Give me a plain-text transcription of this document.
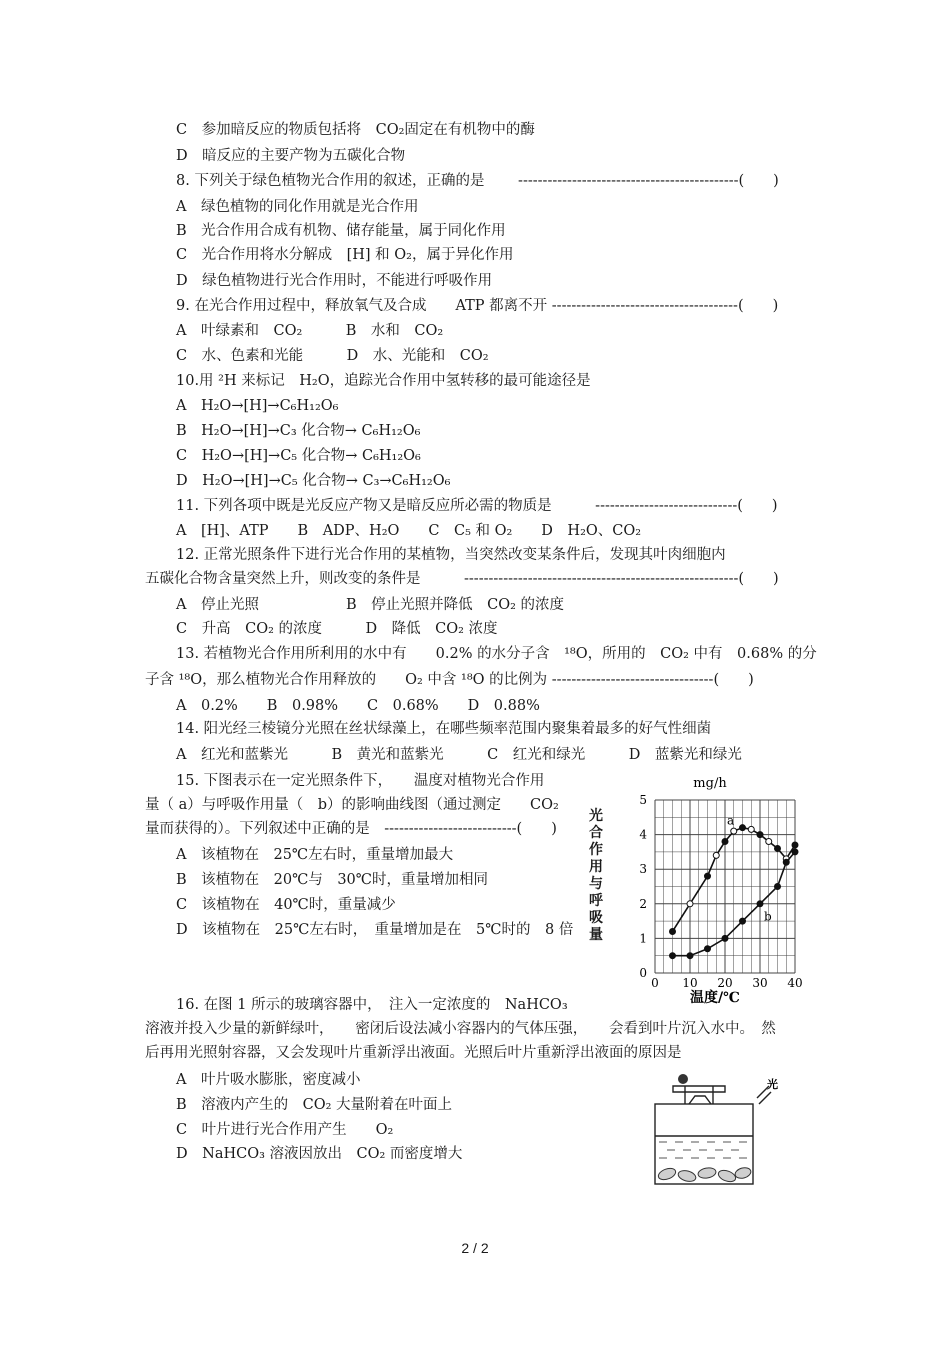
C　参加暗反应的物质包括将　CO₂固定在有机物中的酶
D　暗反应的主要产物为五碳化合物
8. 下列关于绿色植物光合作用的叙述，正确的是　　 ---------------------------------------------(　　)
A　绿色植物的同化作用就是光合作用
B　光合作用合成有机物、储存能量，属于同化作用
C　光合作用将水分解成　[H] 和 O₂，属于异化作用
D　绿色植物进行光合作用时，不能进行呼吸作用
9. 在光合作用过程中，释放氧气及合成　　ATP 都离不开 --------------------------------------(　　)
A　叶绿素和　CO₂　　　B　水和　CO₂
C　水、色素和光能　　　D　水、光能和　CO₂
10.用 ²H 来标记　H₂O，追踪光合作用中氢转移的最可能途径是
A　H₂O→[H]→C₆H₁₂O₆
B　H₂O→[H]→C₃ 化合物→ C₆H₁₂O₆
C　H₂O→[H]→C₅ 化合物→ C₆H₁₂O₆
D　H₂O→[H]→C₅ 化合物→ C₃→C₆H₁₂O₆
11. 下列各项中既是光反应产物又是暗反应所必需的物质是　　　-----------------------------(　　)
A　[H]、ATP　　B　ADP、H₂O　　C　C₅ 和 O₂　　D　H₂O、CO₂
12. 正常光照条件下进行光合作用的某植物，当突然改变某条件后，发现其叶肉细胞内
五碳化合物含量突然上升，则改变的条件是　　　--------------------------------------------------------(　　)
A　停止光照　　　　　　B　停止光照并降低　CO₂ 的浓度
C　升高　CO₂ 的浓度　　　D　降低　CO₂ 浓度
13. 若植物光合作用所利用的水中有　　0.2% 的水分子含　¹⁸O，所用的　CO₂ 中有　0.68% 的分
子含 ¹⁸O，那么植物光合作用释放的　　O₂ 中含 ¹⁸O 的比例为 ---------------------------------(　　)
A　0.2%　　B　0.98%　　C　0.68%　　D　0.88%
14. 阳光经三棱镜分光照在丝状绿藻上，在哪些频率范围内聚集着最多的好气性细菌
A　红光和蓝紫光　　　B　黄光和蓝紫光　　　C　红光和绿光　　　D　蓝紫光和绿光
15. 下图表示在一定光照条件下，　　温度对植物光合作用
量（ a）与呼吸作用量（　b）的影响曲线图（通过测定　　CO₂
量而获得的）。下列叙述中正确的是　---------------------------(　　)
A　该植物在　25℃左右时，重量增加最大
B　该植物在　20℃与　30℃时，重量增加相同
C　该植物在　40℃时，重量减少
D　该植物在　25℃左右时，　重量增加是在　5℃时的　8 倍
16. 在图 1 所示的玻璃容器中，　注入一定浓度的　NaHCO₃
溶液并投入少量的新鲜绿叶，　　密闭后设法减小容器内的气体压强，　　会看到叶片沉入水中。　然
后再用光照射容器，又会发现叶片重新浮出液面。光照后叶片重新浮出液面的原因是
A　叶片吸水膨胀，密度减小
B　溶液内产生的　CO₂ 大量附着在叶面上
C　叶片进行光合作用产生　　O₂
D　NaHCO₃ 溶液因放出　CO₂ 而密度增大
光合作用与呼吸量
mg/h
0 10 20 30 40
0
1
2
3
4
5
a
b
温度/℃
光
2 / 2
